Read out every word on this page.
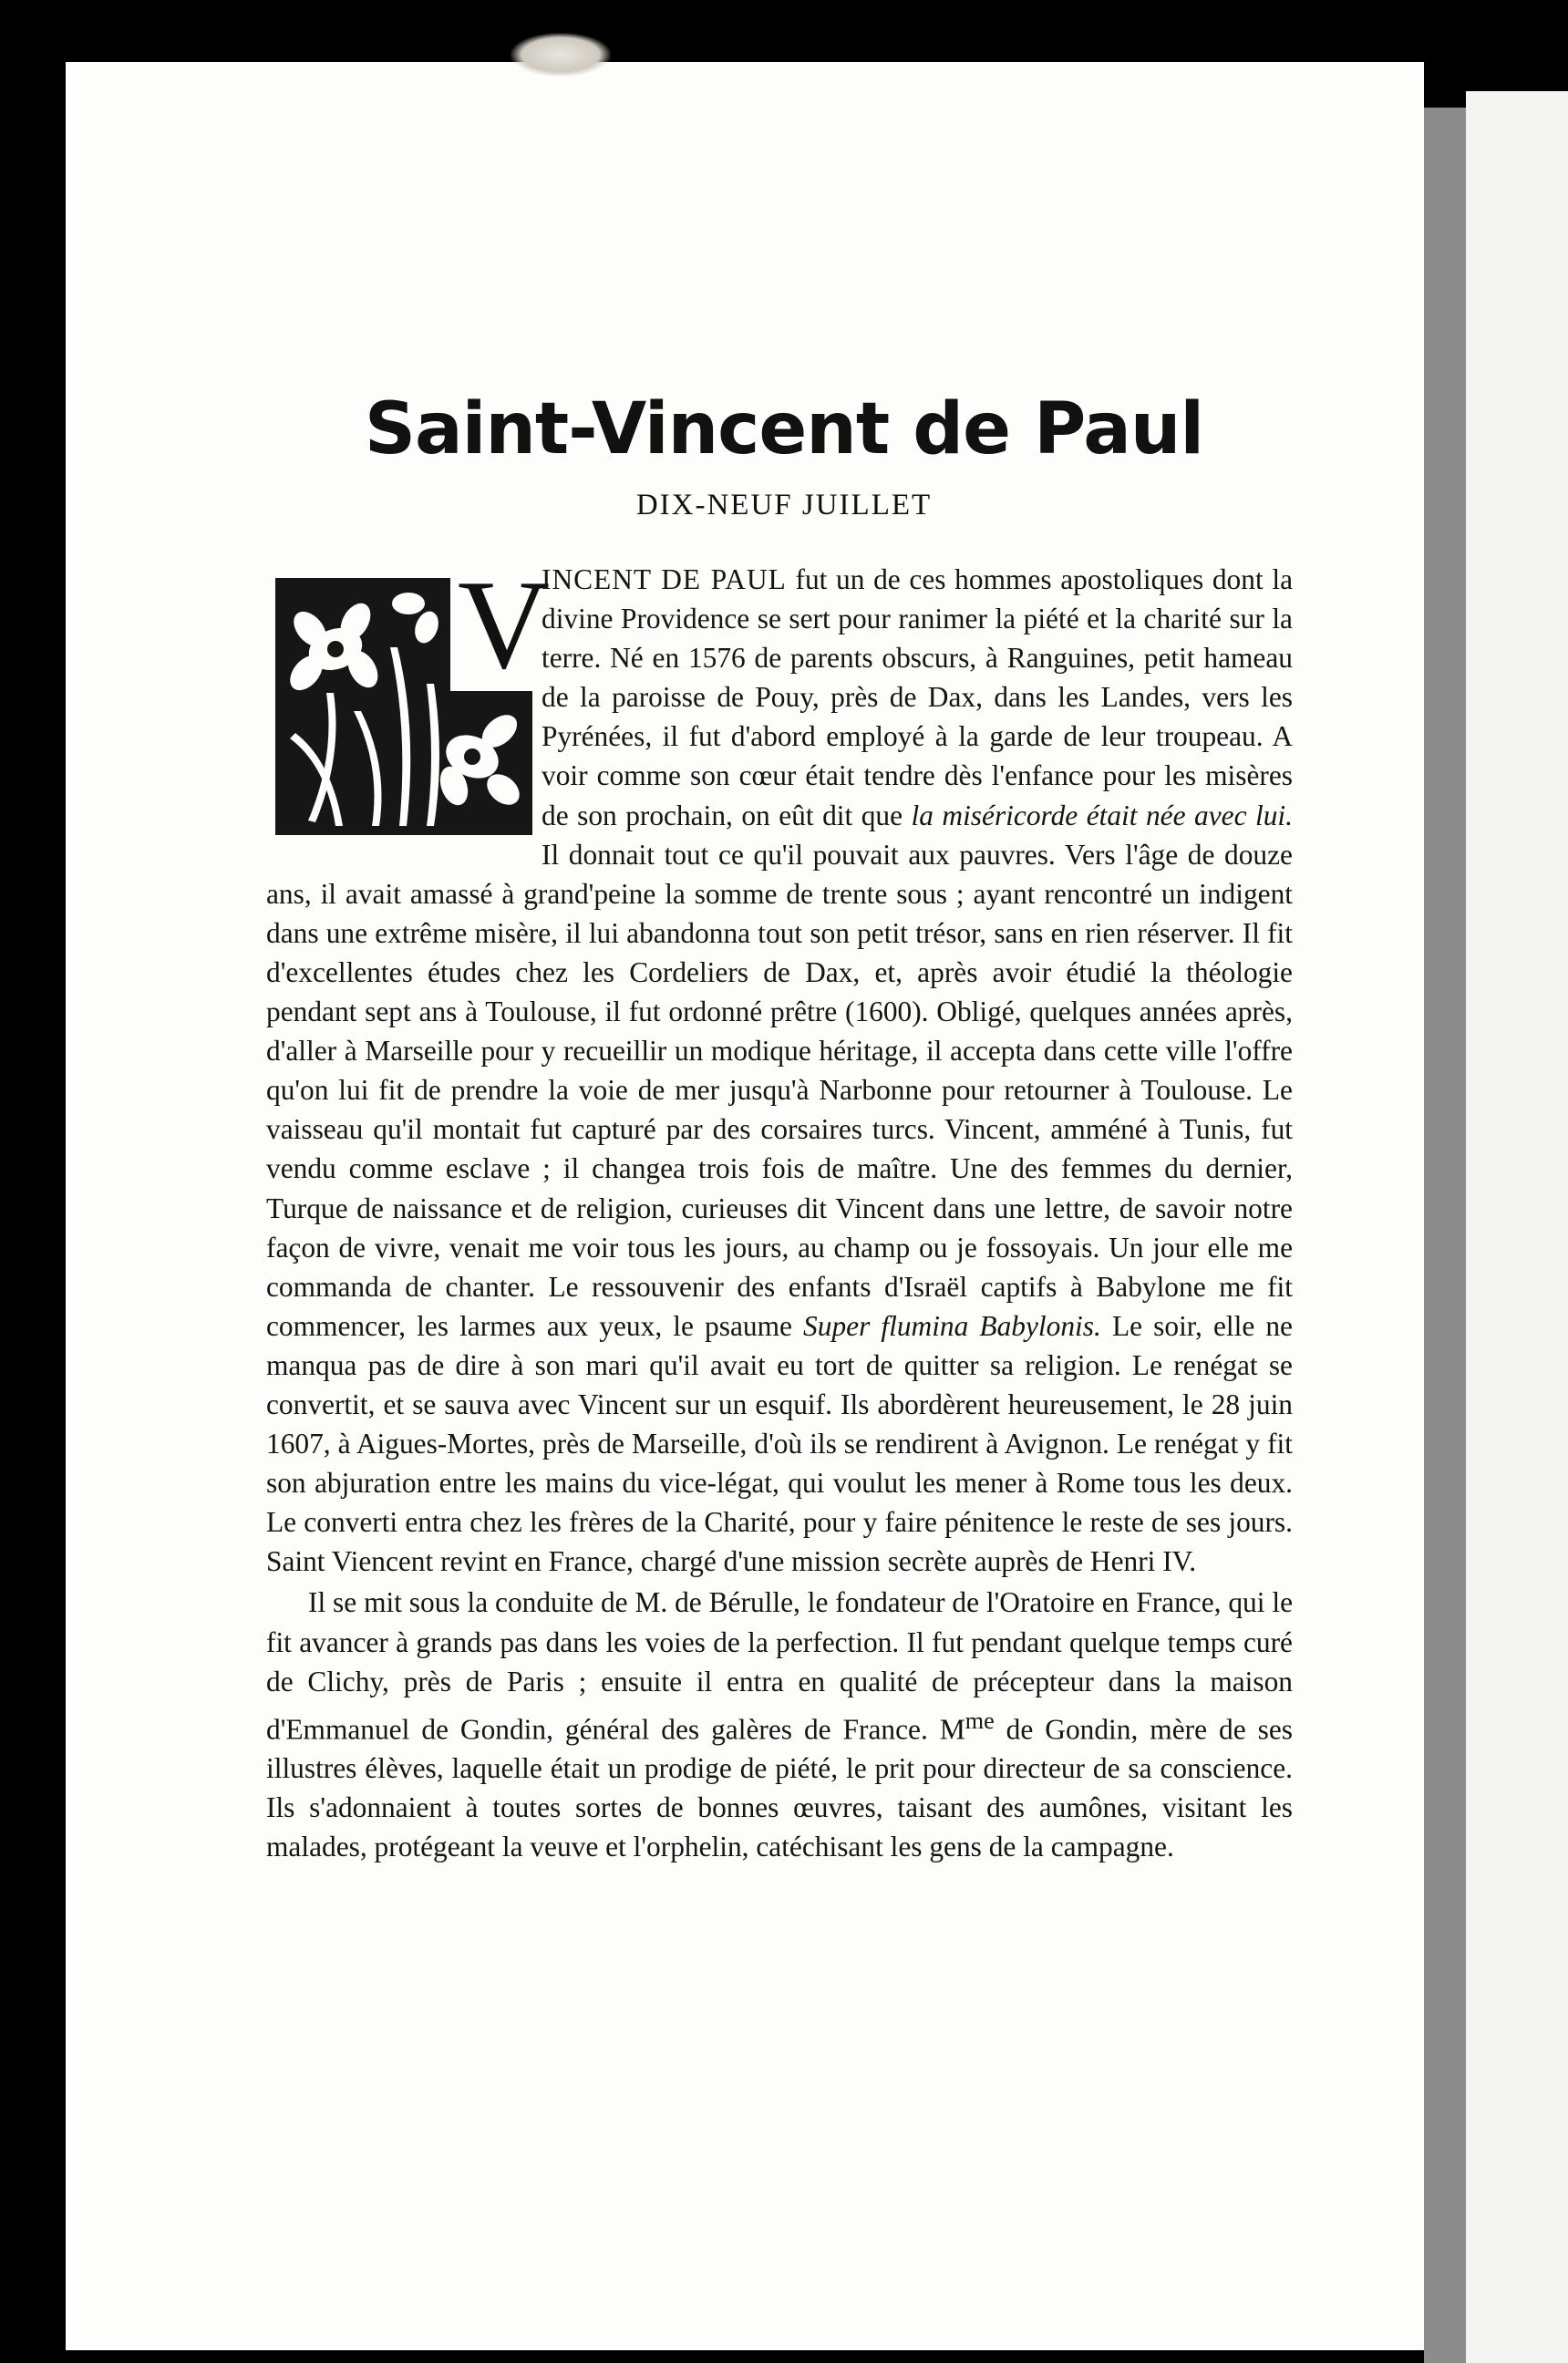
Saint-Vincent de Paul
DIX-NEUF JUILLET
V

INCENT DE PAUL fut un de ces hommes apostoliques dont la divine Providence se sert pour ranimer la piété et la charité sur la terre. Né en 1576 de parents obscurs, à Ranguines, petit hameau de la paroisse de Pouy, près de Dax, dans les Landes, vers les Pyrénées, il fut d'abord employé à la garde de leur troupeau. A voir comme son cœur était tendre dès l'enfance pour les misères de son prochain, on eût dit que la miséricorde était née avec lui. Il donnait tout ce qu'il pouvait aux pauvres. Vers l'âge de douze ans, il avait amassé à grand'peine la somme de trente sous ; ayant rencontré un indigent dans une extrême misère, il lui abandonna tout son petit trésor, sans en rien réserver. Il fit d'excellentes études chez les Cordeliers de Dax, et, après avoir étudié la théologie pendant sept ans à Toulouse, il fut ordonné prêtre (1600). Obligé, quelques années après, d'aller à Marseille pour y recueillir un modique héritage, il accepta dans cette ville l'offre qu'on lui fit de prendre la voie de mer jusqu'à Narbonne pour retourner à Toulouse. Le vaisseau qu'il montait fut capturé par des corsaires turcs. Vincent, amméné à Tunis, fut vendu comme esclave ; il changea trois fois de maître. Une des femmes du dernier, Turque de naissance et de religion, curieuses dit Vincent dans une lettre, de savoir notre façon de vivre, venait me voir tous les jours, au champ ou je fossoyais. Un jour elle me commanda de chanter. Le ressouvenir des enfants d'Israël captifs à Babylone me fit commencer, les larmes aux yeux, le psaume Super flumina Babylonis. Le soir, elle ne manqua pas de dire à son mari qu'il avait eu tort de quitter sa religion. Le renégat se convertit, et se sauva avec Vincent sur un esquif. Ils abordèrent heureusement, le 28 juin 1607, à Aigues-Mortes, près de Marseille, d'où ils se rendirent à Avignon. Le renégat y fit son abjuration entre les mains du vice-légat, qui voulut les mener à Rome tous les deux. Le converti entra chez les frères de la Charité, pour y faire pénitence le reste de ses jours. Saint Viencent revint en France, chargé d'une mission secrète auprès de Henri IV.

Il se mit sous la conduite de M. de Bérulle, le fondateur de l'Oratoire en France, qui le fit avancer à grands pas dans les voies de la perfection. Il fut pendant quelque temps curé de Clichy, près de Paris ; ensuite il entra en qualité de précepteur dans la maison d'Emmanuel de Gondin, général des galères de France. $M^{me}$ de Gondin, mère de ses illustres élèves, laquelle était un prodige de piété, le prit pour directeur de sa conscience. Ils s'adonnaient à toutes sortes de bonnes œuvres, taisant des aumônes, visitant les malades, protégeant la veuve et l'orphelin, catéchisant les gens de la campagne.
